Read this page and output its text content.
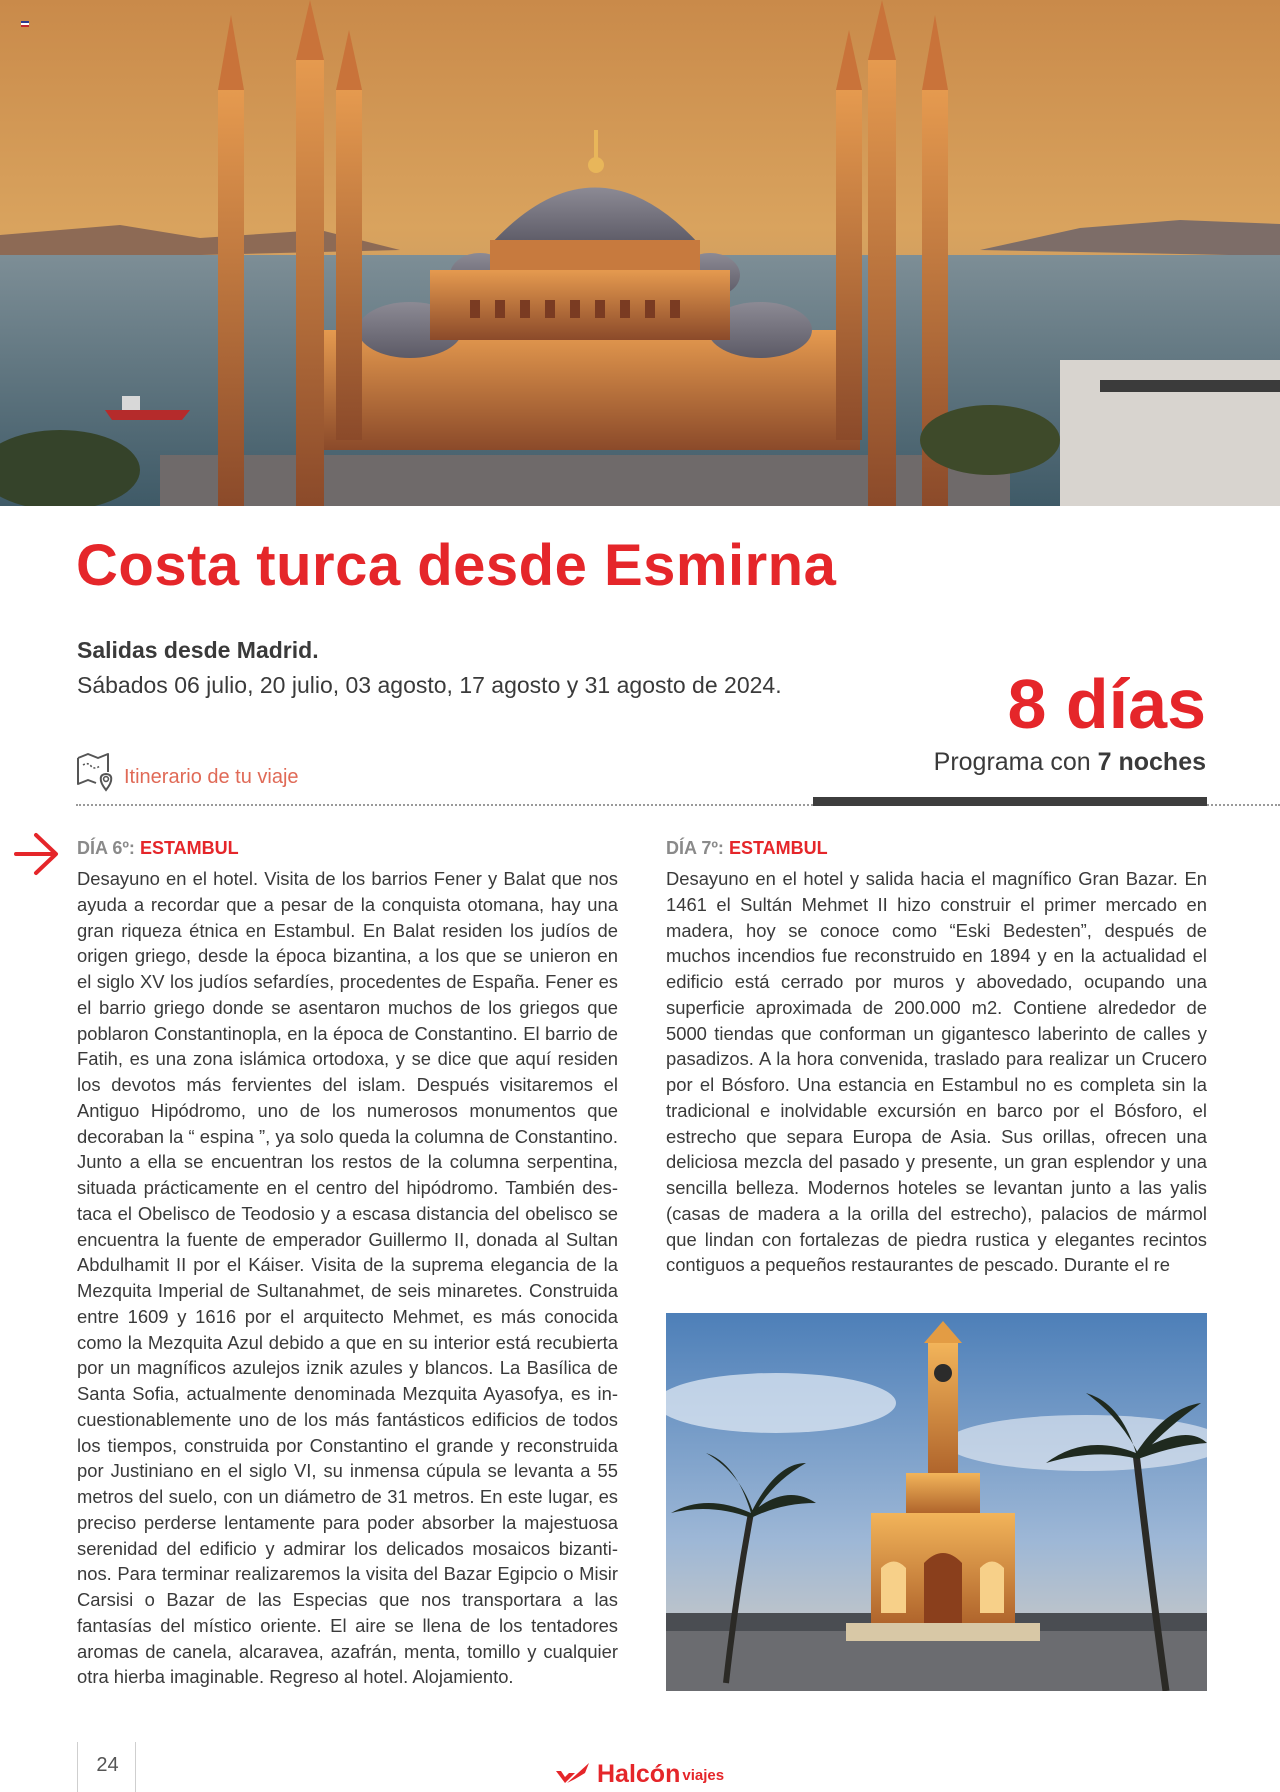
Costa turca desde Esmirna
Salidas desde Madrid.
Sábados 06 julio, 20 julio, 03 agosto, 17 agosto y 31 agosto de 2024.	8 días
Programa con 7 noches
Itinerario de tu viaje
DÍA 6º: ESTAMBUL
Desayuno en el hotel. Visita de los barrios Fener y Balat que nos ayuda a recordar que a pesar de la conquista otomana, hay una gran riqueza étnica en Estambul. En Balat residen los judíos de origen griego, desde la época bizantina, a los que se unieron en el siglo XV los judíos sefardíes, procedentes de España. Fener es el barrio griego donde se asentaron muchos de los griegos que poblaron Constantinopla, en la época de Constantino. El barrio de Fatih, es una zona islámica ortodoxa, y se dice que aquí residen los devotos más fervientes del islam. Después visitaremos el Antiguo Hipódromo, uno de los numerosos monumentos que decoraban la “ espina ”, ya solo queda la columna de Constantino. Junto a ella se encuentran los restos de la columna serpentina, situada prácticamente en el centro del hipódromo. También destaca el Obelisco de Teodosio y a escasa distancia del obelisco se encuentra la fuente de emperador Guillermo II, donada al Sultan Abdulhamit II por el Káiser. Visita de la suprema elegancia de la Mezquita Imperial de Sultanahmet, de seis minaretes. Construida entre 1609 y 1616 por el arquitecto Mehmet, es más conocida como la Mezquita Azul debido a que en su interior está recubierta por un magníficos azulejos iznik azules y blancos. La Basílica de Santa Sofia, actualmente denominada Mezquita Ayasofya, es incuestionablemente uno de los más fantásticos edificios de todos los tiempos, construida por Constantino el grande y reconstruida por Justiniano en el siglo VI, su inmensa cúpula se levanta a 55 metros del suelo, con un diámetro de 31 metros. En este lugar, es preciso perderse lentamente para poder absorber la majestuosa serenidad del edificio y admirar los delicados mosaicos bizantinos. Para terminar realizaremos la visita del Bazar Egipcio o Misir Carsisi o Bazar de las Especias que nos transportara a las fantasías del místico oriente. El aire se llena de los tentadores aromas de canela, alcaravea, azafrán, menta, tomillo y cualquier otra hierba imaginable. Regreso al hotel. Alojamiento.
DÍA 7º: ESTAMBUL
Desayuno en el hotel y salida hacia el magnífico Gran Bazar. En 1461 el Sultán Mehmet II hizo construir el primer mercado en madera, hoy se conoce como “Eski Bedesten”, después de muchos incendios fue reconstruido en 1894 y en la actualidad el edificio está cerrado por muros y abovedado, ocupando una superficie aproximada de 200.000 m2. Contiene alrededor de 5000 tiendas que conforman un gigantesco laberinto de calles y pasadizos. A la hora convenida, traslado para realizar un Crucero por el Bósforo. Una estancia en Estambul no es completa sin la tradicional e inolvidable excursión en barco por el Bósforo, el estrecho que separa Europa de Asia. Sus orillas, ofrecen una deliciosa mezcla del pasado y presente, un gran esplendor y una sencilla belleza. Modernos hoteles se levantan junto a las yalis (casas de madera a la orilla del estrecho), palacios de mármol que lindan con fortalezas de piedra rustica y elegantes recintos contiguos a pequeños restaurantes de pescado. Durante el re
24	Halcón viajes
